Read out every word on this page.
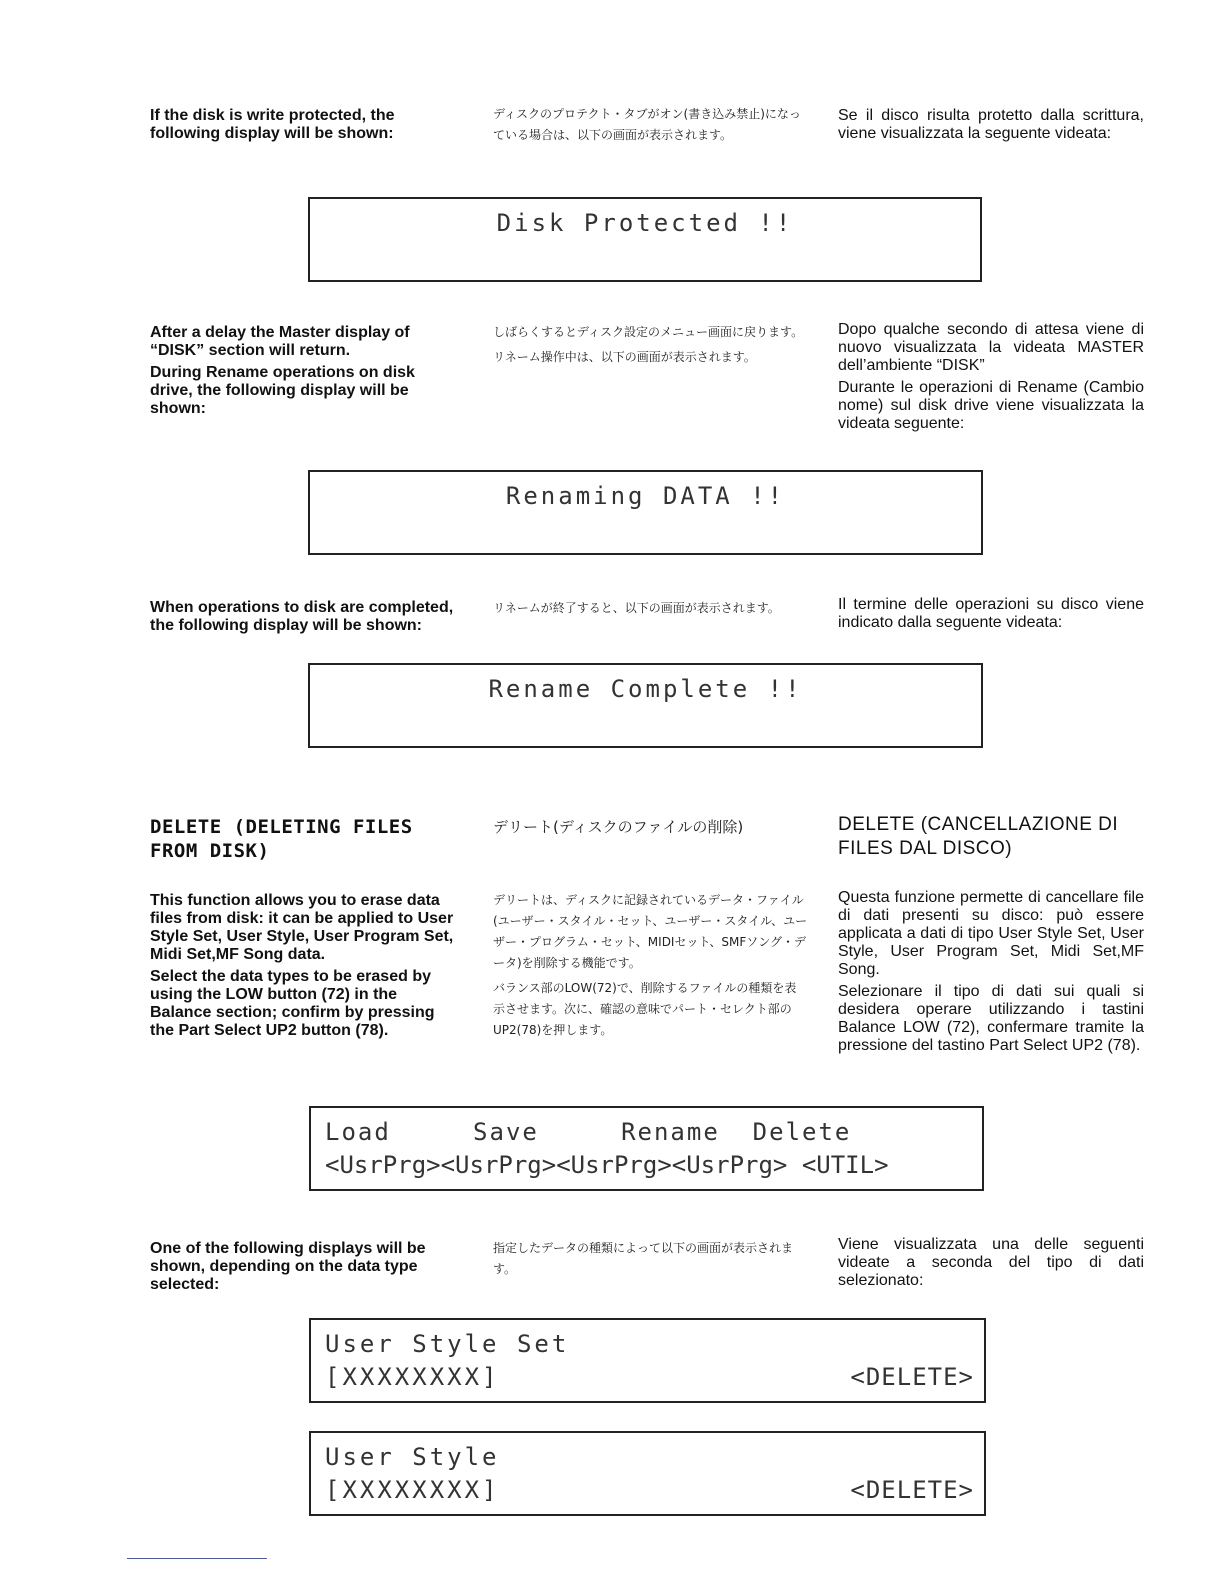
If the disk is write protected, the following display will be shown:

ディスクのプロテクト・タブがオン(書き込み禁止)になっている場合は、以下の画面が表示されます。

Se il disco risulta protetto dalla scrittura, viene visualizzata la seguente videata:

Disk Protected !!

After a delay the Master display of “DISK” section will return.

During Rename operations on disk drive, the following display will be shown:

しばらくするとディスク設定のメニュー画面に戻ります。

リネーム操作中は、以下の画面が表示されます。

Dopo qualche secondo di attesa viene di nuovo visualizzata la videata MASTER dell’ambiente “DISK”

Durante le operazioni di Rename (Cambio nome) sul disk drive viene visualizzata la videata seguente:

Renaming DATA !!

When operations to disk are completed, the following display will be shown:

リネームが終了すると、以下の画面が表示されます。	Il termine delle operazioni su disco viene indicato dalla seguente videata:

Rename Complete !!
DELETE (DELETING FILES FROM DISK)
デリート(ディスクのファイルの削除)	DELETE (CANCELLAZIONE DI FILES DAL DISCO)

This function allows you to erase data files from disk: it can be applied to User Style Set, User Style, User Program Set, Midi Set,MF Song data.

Select the data types to be erased by using the LOW button (72) in the Balance section; confirm by pressing the Part Select UP2 button (78).

デリートは、ディスクに記録されているデータ・ファイル(ユーザー・スタイル・セット、ユーザー・スタイル、ユーザー・プログラム・セット、MIDIセット、SMFソング・データ)を削除する機能です。

バランス部のLOW(72)で、削除するファイルの種類を表示させます。次に、確認の意味でパート・セレクト部のUP2(78)を押します。

Questa funzione permette di cancellare file di dati presenti su disco: può essere applicata a dati di tipo User Style Set, User Style, User Program Set, Midi Set,MF Song.

Selezionare il tipo di dati sui quali si desidera operare utilizzando i tastini Balance LOW (72), confermare tramite la pressione del tastino Part Select UP2 (78).

Load     Save     Rename  Delete
<UsrPrg><UsrPrg><UsrPrg><UsrPrg> <UTIL>

One of the following displays will be shown, depending on the data type selected:

指定したデータの種類によって以下の画面が表示されます。

Viene visualizzata una delle seguenti videate a seconda del tipo di dati selezionato:

User Style Set
[XXXXXXXX]	<DELETE>
User Style
[XXXXXXXX]	<DELETE>
